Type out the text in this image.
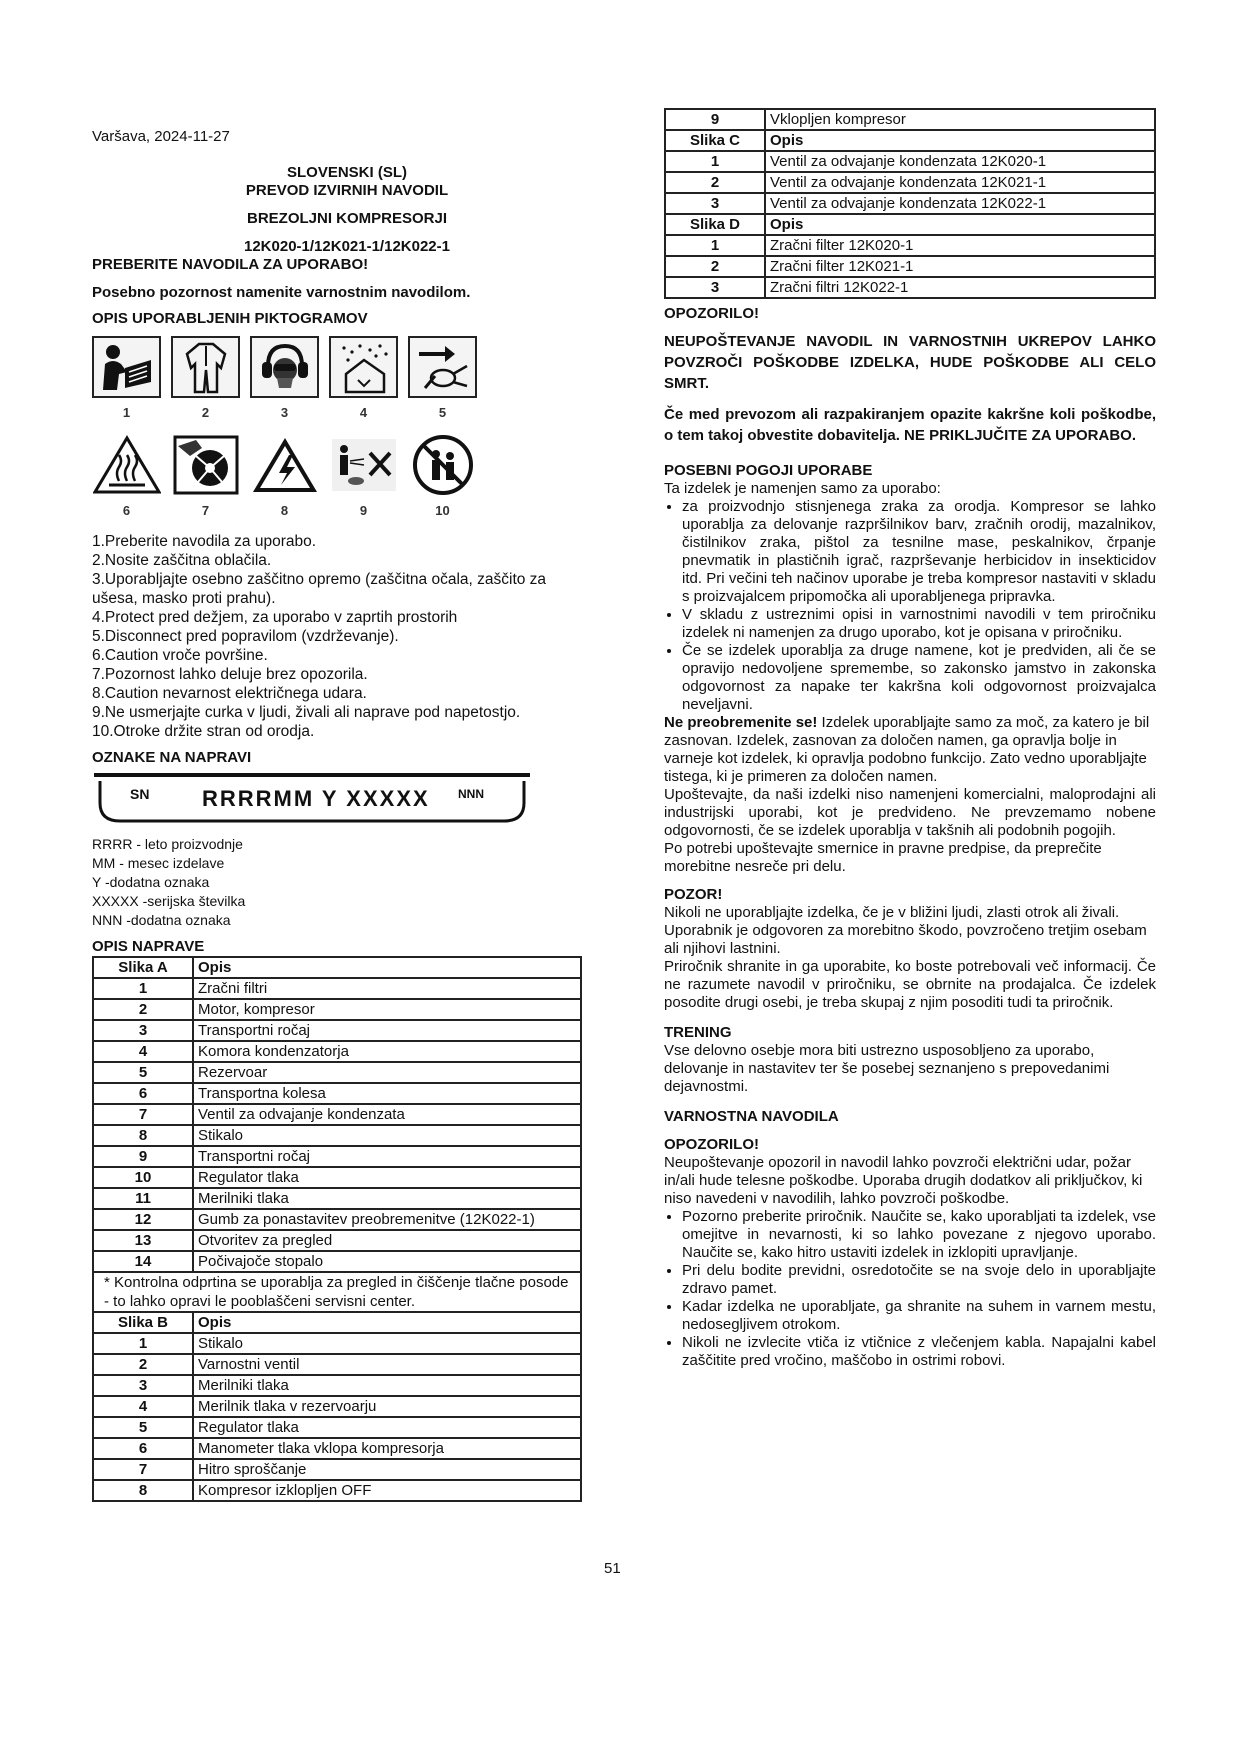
Varšava, 2024-11-27

SLOVENSKI (SL)

PREVOD IZVIRNIH NAVODIL

BREZOLJNI KOMPRESORJI

12K020-1/12K021-1/12K022-1

PREBERITE NAVODILA ZA UPORABO!

Posebno pozornost namenite varnostnim navodilom.

OPIS UPORABLJENIH PIKTOGRAMOV

1	2	3	4	5
6	7	8	9	10

1.Preberite navodila za uporabo.

2.Nosite zaščitna oblačila.

3.Uporabljajte osebno zaščitno opremo (zaščitna očala, zaščito za ušesa, masko proti prahu).

4.Protect pred dežjem, za uporabo v zaprtih prostorih

5.Disconnect pred popravilom (vzdrževanje).

6.Caution vroče površine.

7.Pozornost lahko deluje brez opozorila.

8.Caution nevarnost električnega udara.

9.Ne usmerjajte curka v ljudi, živali ali naprave pod napetostjo.

10.Otroke držite stran od orodja.

OZNAKE NA NAPRAVI

SN RRRRMM Y XXXXX NNN

RRRR - leto proizvodnje

MM - mesec izdelave

Y -dodatna oznaka

XXXXX -serijska številka

NNN -dodatna oznaka

OPIS NAPRAVE

Slika A	Opis
1	Zračni filtri
2	Motor, kompresor
3	Transportni ročaj
4	Komora kondenzatorja
5	Rezervoar
6	Transportna kolesa
7	Ventil za odvajanje kondenzata
8	Stikalo
9	Transportni ročaj
10	Regulator tlaka
11	Merilniki tlaka
12	Gumb za ponastavitev preobremenitve (12K022-1)
13	Otvoritev za pregled
14	Počivajoče stopalo
* Kontrolna odprtina se uporablja za pregled in čiščenje tlačne posode - to lahko opravi le pooblaščeni servisni center.	
Slika B	Opis
1	Stikalo
2	Varnostni ventil
3	Merilniki tlaka
4	Merilnik tlaka v rezervoarju
5	Regulator tlaka
6	Manometer tlaka vklopa kompresorja
7	Hitro sproščanje
8	Kompresor izklopljen OFF
9	Vklopljen kompresor
Slika C	Opis
1	Ventil za odvajanje kondenzata 12K020-1
2	Ventil za odvajanje kondenzata 12K021-1
3	Ventil za odvajanje kondenzata 12K022-1
Slika D	Opis
1	Zračni filter 12K020-1
2	Zračni filter 12K021-1
3	Zračni filtri 12K022-1

OPOZORILO!

NEUPOŠTEVANJE NAVODIL IN VARNOSTNIH UKREPOV LAHKO POVZROČI POŠKODBE IZDELKA, HUDE POŠKODBE ALI CELO SMRT.

Če med prevozom ali razpakiranjem opazite kakršne koli poškodbe, o tem takoj obvestite dobavitelja. NE PRIKLJUČITE ZA UPORABO.

POSEBNI POGOJI UPORABE

Ta izdelek je namenjen samo za uporabo:

• za proizvodnjo stisnjenega zraka za orodja. Kompresor se lahko uporablja za delovanje razpršilnikov barv, zračnih orodij, mazalnikov, čistilnikov zraka, pištol za tesnilne mase, peskalnikov, črpanje pnevmatik in plastičnih igrač, razprševanje herbicidov in insekticidov itd. Pri večini teh načinov uporabe je treba kompresor nastaviti v skladu s proizvajalcem pripomočka ali uporabljenega pripravka.
• V skladu z ustreznimi opisi in varnostnimi navodili v tem priročniku izdelek ni namenjen za drugo uporabo, kot je opisana v priročniku.
• Če se izdelek uporablja za druge namene, kot je predviden, ali če se opravijo nedovoljene spremembe, so zakonsko jamstvo in zakonska odgovornost za napake ter kakršna koli odgovornost proizvajalca neveljavni.

Ne preobremenite se! Izdelek uporabljajte samo za moč, za katero je bil zasnovan. Izdelek, zasnovan za določen namen, ga opravlja bolje in varneje kot izdelek, ki opravlja podobno funkcijo. Zato vedno uporabljajte tistega, ki je primeren za določen namen.

Upoštevajte, da naši izdelki niso namenjeni komercialni, maloprodajni ali industrijski uporabi, kot je predvideno. Ne prevzemamo nobene odgovornosti, če se izdelek uporablja v takšnih ali podobnih pogojih.

Po potrebi upoštevajte smernice in pravne predpise, da preprečite morebitne nesreče pri delu.

POZOR!

Nikoli ne uporabljajte izdelka, če je v bližini ljudi, zlasti otrok ali živali. Uporabnik je odgovoren za morebitno škodo, povzročeno tretjim osebam ali njihovi lastnini.

Priročnik shranite in ga uporabite, ko boste potrebovali več informacij. Če ne razumete navodil v priročniku, se obrnite na prodajalca. Če izdelek posodite drugi osebi, je treba skupaj z njim posoditi tudi ta priročnik.

TRENING

Vse delovno osebje mora biti ustrezno usposobljeno za uporabo, delovanje in nastavitev ter še posebej seznanjeno s prepovedanimi dejavnostmi.

VARNOSTNA NAVODILA

OPOZORILO!

Neupoštevanje opozoril in navodil lahko povzroči električni udar, požar in/ali hude telesne poškodbe. Uporaba drugih dodatkov ali priključkov, ki niso navedeni v navodilih, lahko povzroči poškodbe.

• Pozorno preberite priročnik. Naučite se, kako uporabljati ta izdelek, vse omejitve in nevarnosti, ki so lahko povezane z njegovo uporabo. Naučite se, kako hitro ustaviti izdelek in izklopiti upravljanje.
• Pri delu bodite previdni, osredotočite se na svoje delo in uporabljajte zdravo pamet.
• Kadar izdelka ne uporabljate, ga shranite na suhem in varnem mestu, nedosegljivem otrokom.
• Nikoli ne izvlecite vtiča iz vtičnice z vlečenjem kabla. Napajalni kabel zaščitite pred vročino, maščobo in ostrimi robovi.
51
